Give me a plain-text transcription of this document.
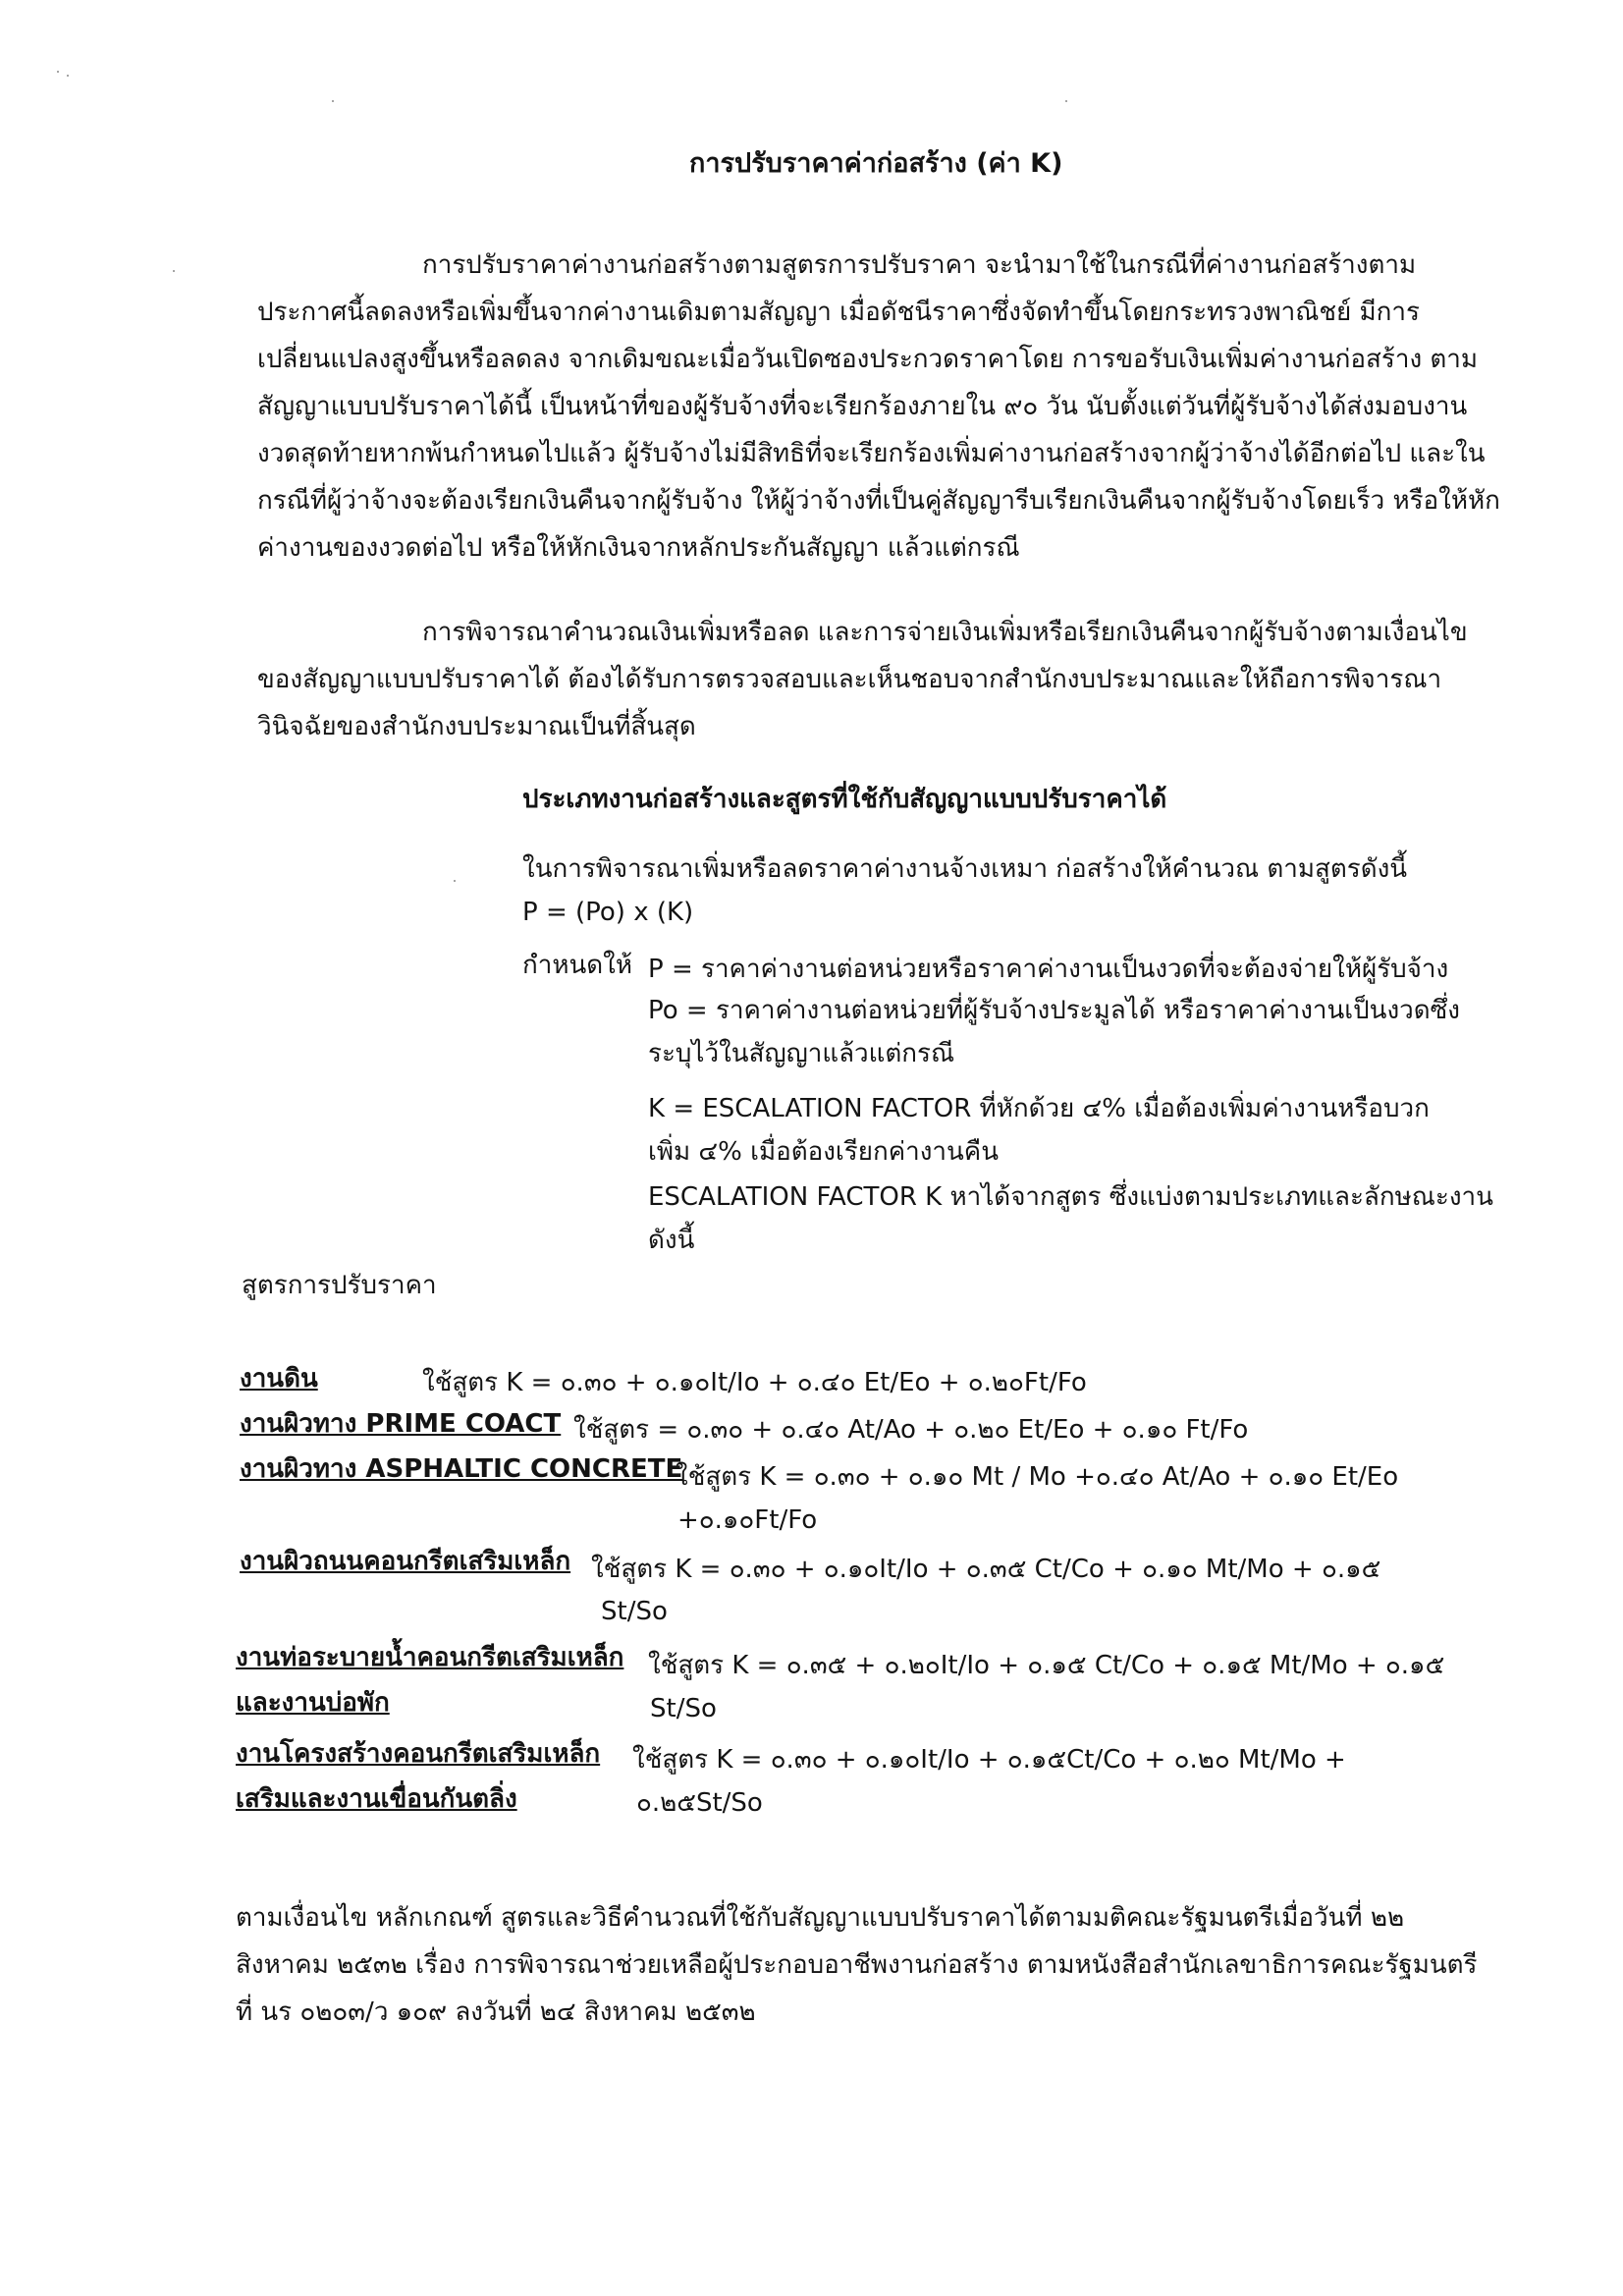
การปรับราคาค่าก่อสร้าง (ค่า K)
การปรับราคาค่างานก่อสร้างตามสูตรการปรับราคา จะนำมาใช้ในกรณีที่ค่างานก่อสร้างตาม
ประกาศนี้ลดลงหรือเพิ่มขึ้นจากค่างานเดิมตามสัญญา เมื่อดัชนีราคาซึ่งจัดทำขึ้นโดยกระทรวงพาณิชย์ มีการ
เปลี่ยนแปลงสูงขึ้นหรือลดลง จากเดิมขณะเมื่อวันเปิดซองประกวดราคาโดย การขอรับเงินเพิ่มค่างานก่อสร้าง ตาม
สัญญาแบบปรับราคาได้นี้ เป็นหน้าที่ของผู้รับจ้างที่จะเรียกร้องภายใน ๙๐ วัน นับตั้งแต่วันที่ผู้รับจ้างได้ส่งมอบงาน
งวดสุดท้ายหากพ้นกำหนดไปแล้ว ผู้รับจ้างไม่มีสิทธิที่จะเรียกร้องเพิ่มค่างานก่อสร้างจากผู้ว่าจ้างได้อีกต่อไป และใน
กรณีที่ผู้ว่าจ้างจะต้องเรียกเงินคืนจากผู้รับจ้าง ให้ผู้ว่าจ้างที่เป็นคู่สัญญารีบเรียกเงินคืนจากผู้รับจ้างโดยเร็ว หรือให้หัก
ค่างานของงวดต่อไป หรือให้หักเงินจากหลักประกันสัญญา แล้วแต่กรณี
การพิจารณาคำนวณเงินเพิ่มหรือลด และการจ่ายเงินเพิ่มหรือเรียกเงินคืนจากผู้รับจ้างตามเงื่อนไข
ของสัญญาแบบปรับราคาได้ ต้องได้รับการตรวจสอบและเห็นชอบจากสำนักงบประมาณและให้ถือการพิจารณา
วินิจฉัยของสำนักงบประมาณเป็นที่สิ้นสุด
ประเภทงานก่อสร้างและสูตรที่ใช้กับสัญญาแบบปรับราคาได้
ในการพิจารณาเพิ่มหรือลดราคาค่างานจ้างเหมา ก่อสร้างให้คำนวณ ตามสูตรดังนี้
P = (Po) x (K)
กำหนดให้ P = ราคาค่างานต่อหน่วยหรือราคาค่างานเป็นงวดที่จะต้องจ่ายให้ผู้รับจ้าง
Po = ราคาค่างานต่อหน่วยที่ผู้รับจ้างประมูลได้ หรือราคาค่างานเป็นงวดซึ่ง
ระบุไว้ในสัญญาแล้วแต่กรณี
K = ESCALATION FACTOR ที่หักด้วย ๔% เมื่อต้องเพิ่มค่างานหรือบวก
เพิ่ม ๔% เมื่อต้องเรียกค่างานคืน
ESCALATION FACTOR K หาได้จากสูตร ซึ่งแบ่งตามประเภทและลักษณะงาน
ดังนี้
สูตรการปรับราคา
งานดิน	ใช้สูตร K = ๐.๓๐ + ๐.๑๐It/Io + ๐.๔๐ Et/Eo + ๐.๒๐Ft/Fo
งานผิวทาง PRIME COACT ใช้สูตร = ๐.๓๐ + ๐.๔๐ At/Ao + ๐.๒๐ Et/Eo + ๐.๑๐ Ft/Fo
งานผิวทาง ASPHALTIC CONCRETE
ใช้สูตร K = ๐.๓๐ + ๐.๑๐ Mt / Mo +๐.๔๐ At/Ao + ๐.๑๐ Et/Eo
+๐.๑๐Ft/Fo
งานผิวถนนคอนกรีตเสริมเหล็ก ใช้สูตร K = ๐.๓๐ + ๐.๑๐It/Io + ๐.๓๕ Ct/Co + ๐.๑๐ Mt/Mo + ๐.๑๕
St/So
งานท่อระบายน้ำคอนกรีตเสริมเหล็ก
และงานบ่อพัก
ใช้สูตร K = ๐.๓๕ + ๐.๒๐It/Io + ๐.๑๕ Ct/Co + ๐.๑๕ Mt/Mo + ๐.๑๕
St/So
งานโครงสร้างคอนกรีตเสริมเหล็ก
เสริมและงานเขื่อนกันตลิ่ง
ใช้สูตร K = ๐.๓๐ + ๐.๑๐It/Io + ๐.๑๕Ct/Co + ๐.๒๐ Mt/Mo +
๐.๒๕St/So
ตามเงื่อนไข หลักเกณฑ์ สูตรและวิธีคำนวณที่ใช้กับสัญญาแบบปรับราคาได้ตามมติคณะรัฐมนตรีเมื่อวันที่ ๒๒
สิงหาคม ๒๕๓๒ เรื่อง การพิจารณาช่วยเหลือผู้ประกอบอาชีพงานก่อสร้าง ตามหนังสือสำนักเลขาธิการคณะรัฐมนตรี
ที่ นร ๐๒๐๓/ว ๑๐๙ ลงวันที่ ๒๔ สิงหาคม ๒๕๓๒
